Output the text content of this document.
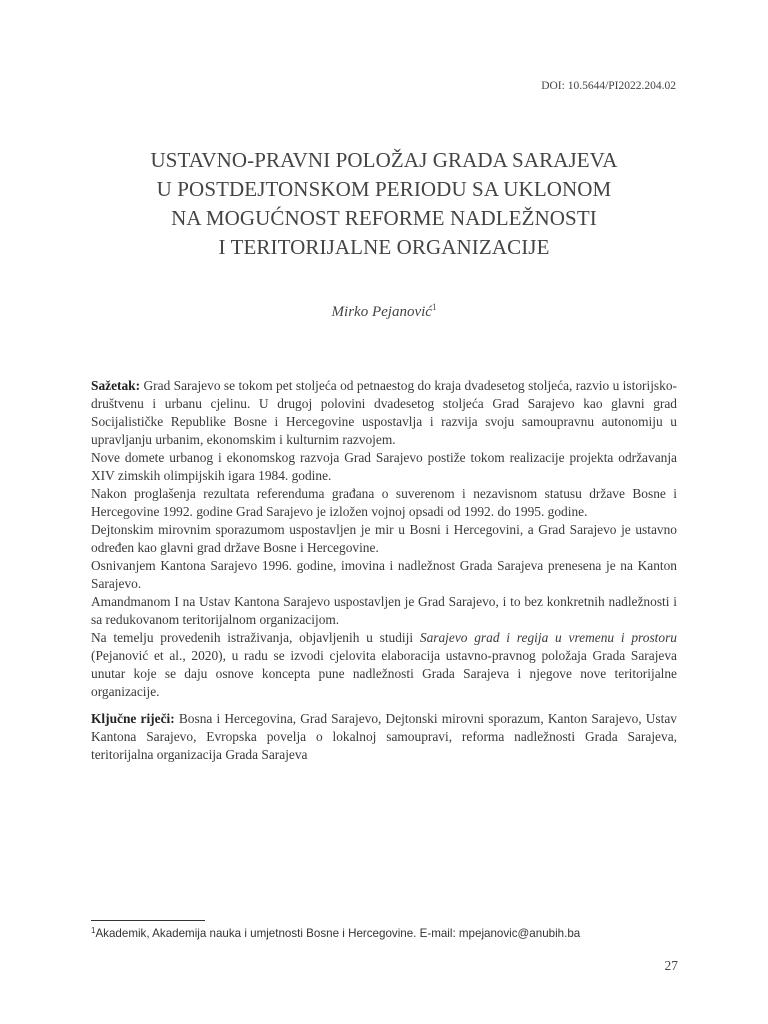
DOI: 10.5644/PI2022.204.02
USTAVNO-PRAVNI POLOŽAJ GRADA SARAJEVA
U POSTDEJTONSKOM PERIODU SA UKLONOM
NA MOGUĆNOST REFORME NADLEŽNOSTI
I TERITORIJALNE ORGANIZACIJE
Mirko Pejanović$^1$

Sažetak: Grad Sarajevo se tokom pet stoljeća od petnaestog do kraja dvadesetog stoljeća, razvio u istorijsko-društvenu i urbanu cjelinu. U drugoj polovini dvadesetog stoljeća Grad Sarajevo kao glavni grad Socijalističke Republike Bosne i Hercegovine uspostavlja i razvija svoju samoupravnu autonomiju u upravljanju urbanim, ekonomskim i kulturnim razvojem.

Nove domete urbanog i ekonomskog razvoja Grad Sarajevo postiže tokom realizacije projekta održavanja XIV zimskih olimpijskih igara 1984. godine.

Nakon proglašenja rezultata referenduma građana o suverenom i nezavisnom statusu države Bosne i Hercegovine 1992. godine Grad Sarajevo je izložen vojnoj opsadi od 1992. do 1995. godine.

Dejtonskim mirovnim sporazumom uspostavljen je mir u Bosni i Hercegovini, a Grad Sarajevo je ustavno određen kao glavni grad države Bosne i Hercegovine.

Osnivanjem Kantona Sarajevo 1996. godine, imovina i nadležnost Grada Sarajeva prenesena je na Kanton Sarajevo.

Amandmanom I na Ustav Kantona Sarajevo uspostavljen je Grad Sarajevo, i to bez konkretnih nadležnosti i sa redukovanom teritorijalnom organizacijom.

Na temelju provedenih istraživanja, objavljenih u studiji Sarajevo grad i regija u vremenu i prostoru (Pejanović et al., 2020), u radu se izvodi cjelovita elaboracija ustavno-pravnog položaja Grada Sarajeva unutar koje se daju osnove koncepta pune nadležnosti Grada Sarajeva i njegove nove teritorijalne organizacije.

Ključne riječi: Bosna i Hercegovina, Grad Sarajevo, Dejtonski mirovni sporazum, Kanton Sarajevo, Ustav Kantona Sarajevo, Evropska povelja o lokalnoj samoupravi, reforma nadležnosti Grada Sarajeva, teritorijalna organizacija Grada Sarajeva

$^1$Akademik, Akademija nauka i umjetnosti Bosne i Hercegovine. E-mail: mpejanovic@anubih.ba
27
